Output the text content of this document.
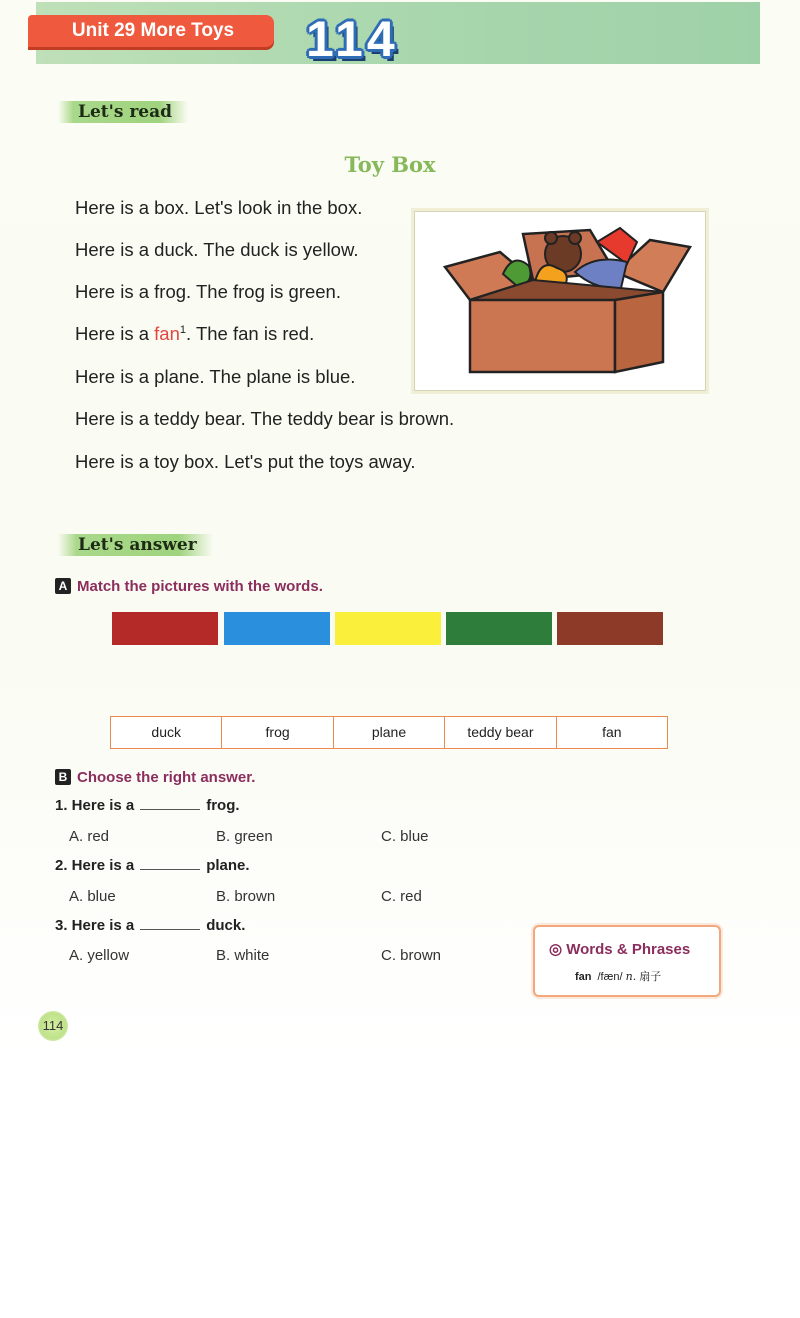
Unit 29 More Toys	114
Let's read
Toy Box
Here is a box. Let's look in the box.
Here is a duck. The duck is yellow.
Here is a frog. The frog is green.
Here is a fan$^1$. The fan is red.
Here is a plane. The plane is blue.
Here is a teddy bear. The teddy bear is brown.
Here is a toy box. Let's put the toys away.
Let's answer
A Match the pictures with the words.
duck	frog	plane	teddy bear	fan
B Choose the right answer.
1. Here is a	frog.
A. red	B. green	C. blue
2. Here is a	plane.
A. blue	B. brown	C. red
3. Here is a	duck.
A. yellow	B. white	C. brown	◎ Words & Phrases
fan /fæn/ n. 扇子
114
